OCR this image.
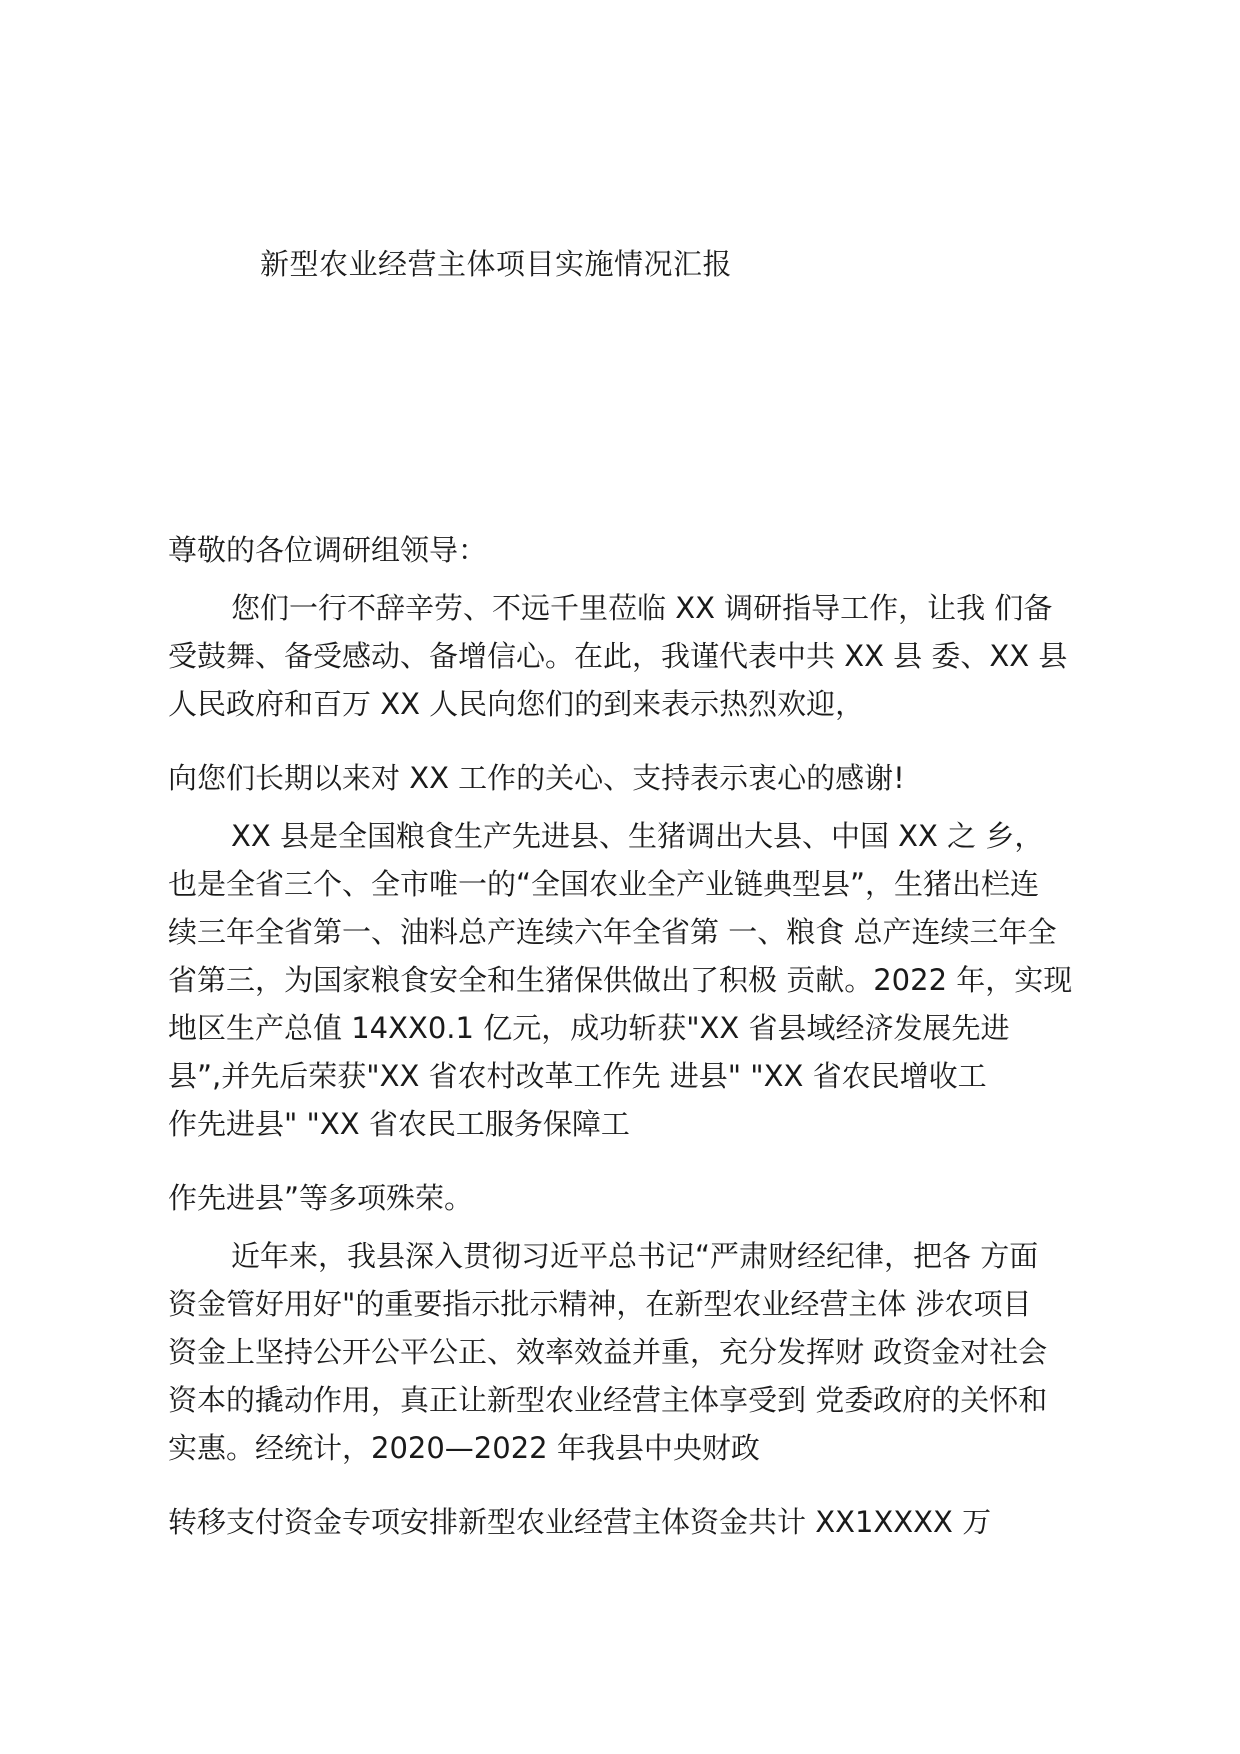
新型农业经营主体项目实施情况汇报
尊敬的各位调研组领导：
您们一行不辞辛劳、不远千里莅临 XX 调研指导工作，让我 们备
受鼓舞、备受感动、备增信心。在此，我谨代表中共 XX 县 委、XX 县
人民政府和百万 XX 人民向您们的到来表示热烈欢迎，
向您们长期以来对 XX 工作的关心、支持表示衷心的感谢!
XX 县是全国粮食生产先进县、生猪调出大县、中国 XX 之 乡，
也是全省三个、全市唯一的“全国农业全产业链典型县”，生猪出栏连
续三年全省第一、油料总产连续六年全省第 一、粮食 总产连续三年全
省第三，为国家粮食安全和生猪保供做出了积极 贡献。2022 年，实现
地区生产总值 14XX0.1 亿元，成功斩获"XX 省县域经济发展先进
县”,并先后荣获"XX 省农村改革工作先 进县" "XX 省农民增收工
作先进县" "XX 省农民工服务保障工
作先进县”等多项殊荣。
近年来，我县深入贯彻习近平总书记“严肃财经纪律，把各 方面
资金管好用好"的重要指示批示精神，在新型农业经营主体 涉农项目
资金上坚持公开公平公正、效率效益并重，充分发挥财 政资金对社会
资本的撬动作用，真正让新型农业经营主体享受到 党委政府的关怀和
实惠。经统计，2020—2022 年我县中央财政
转移支付资金专项安排新型农业经营主体资金共计 XX1XXXX 万
